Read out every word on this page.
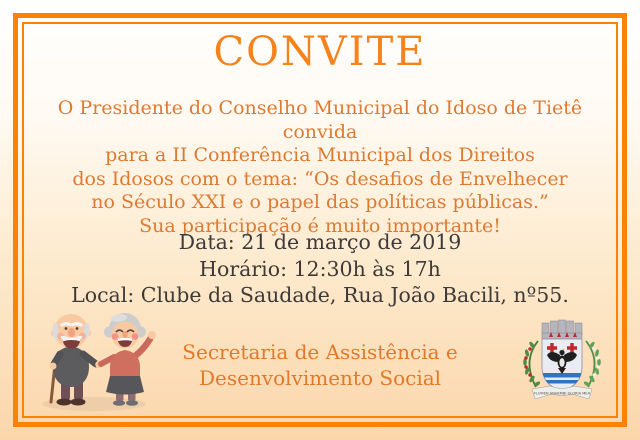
CONVITE
O Presidente do Conselho Municipal do Idoso de Tietê convida
para a II Conferência Municipal dos Direitos
dos Idosos com o tema: “Os desafios de Envelhecer
no Século XXI e o papel das políticas públicas.”
Sua participação é muito importante!
Data: 21 de março de 2019
Horário: 12:30h às 17h
Local: Clube da Saudade, Rua João Bacili, nº55.
Secretaria de Assistência e
Desenvolvimento Social
FLUMEN ANHEMBI GLORIA MEA
